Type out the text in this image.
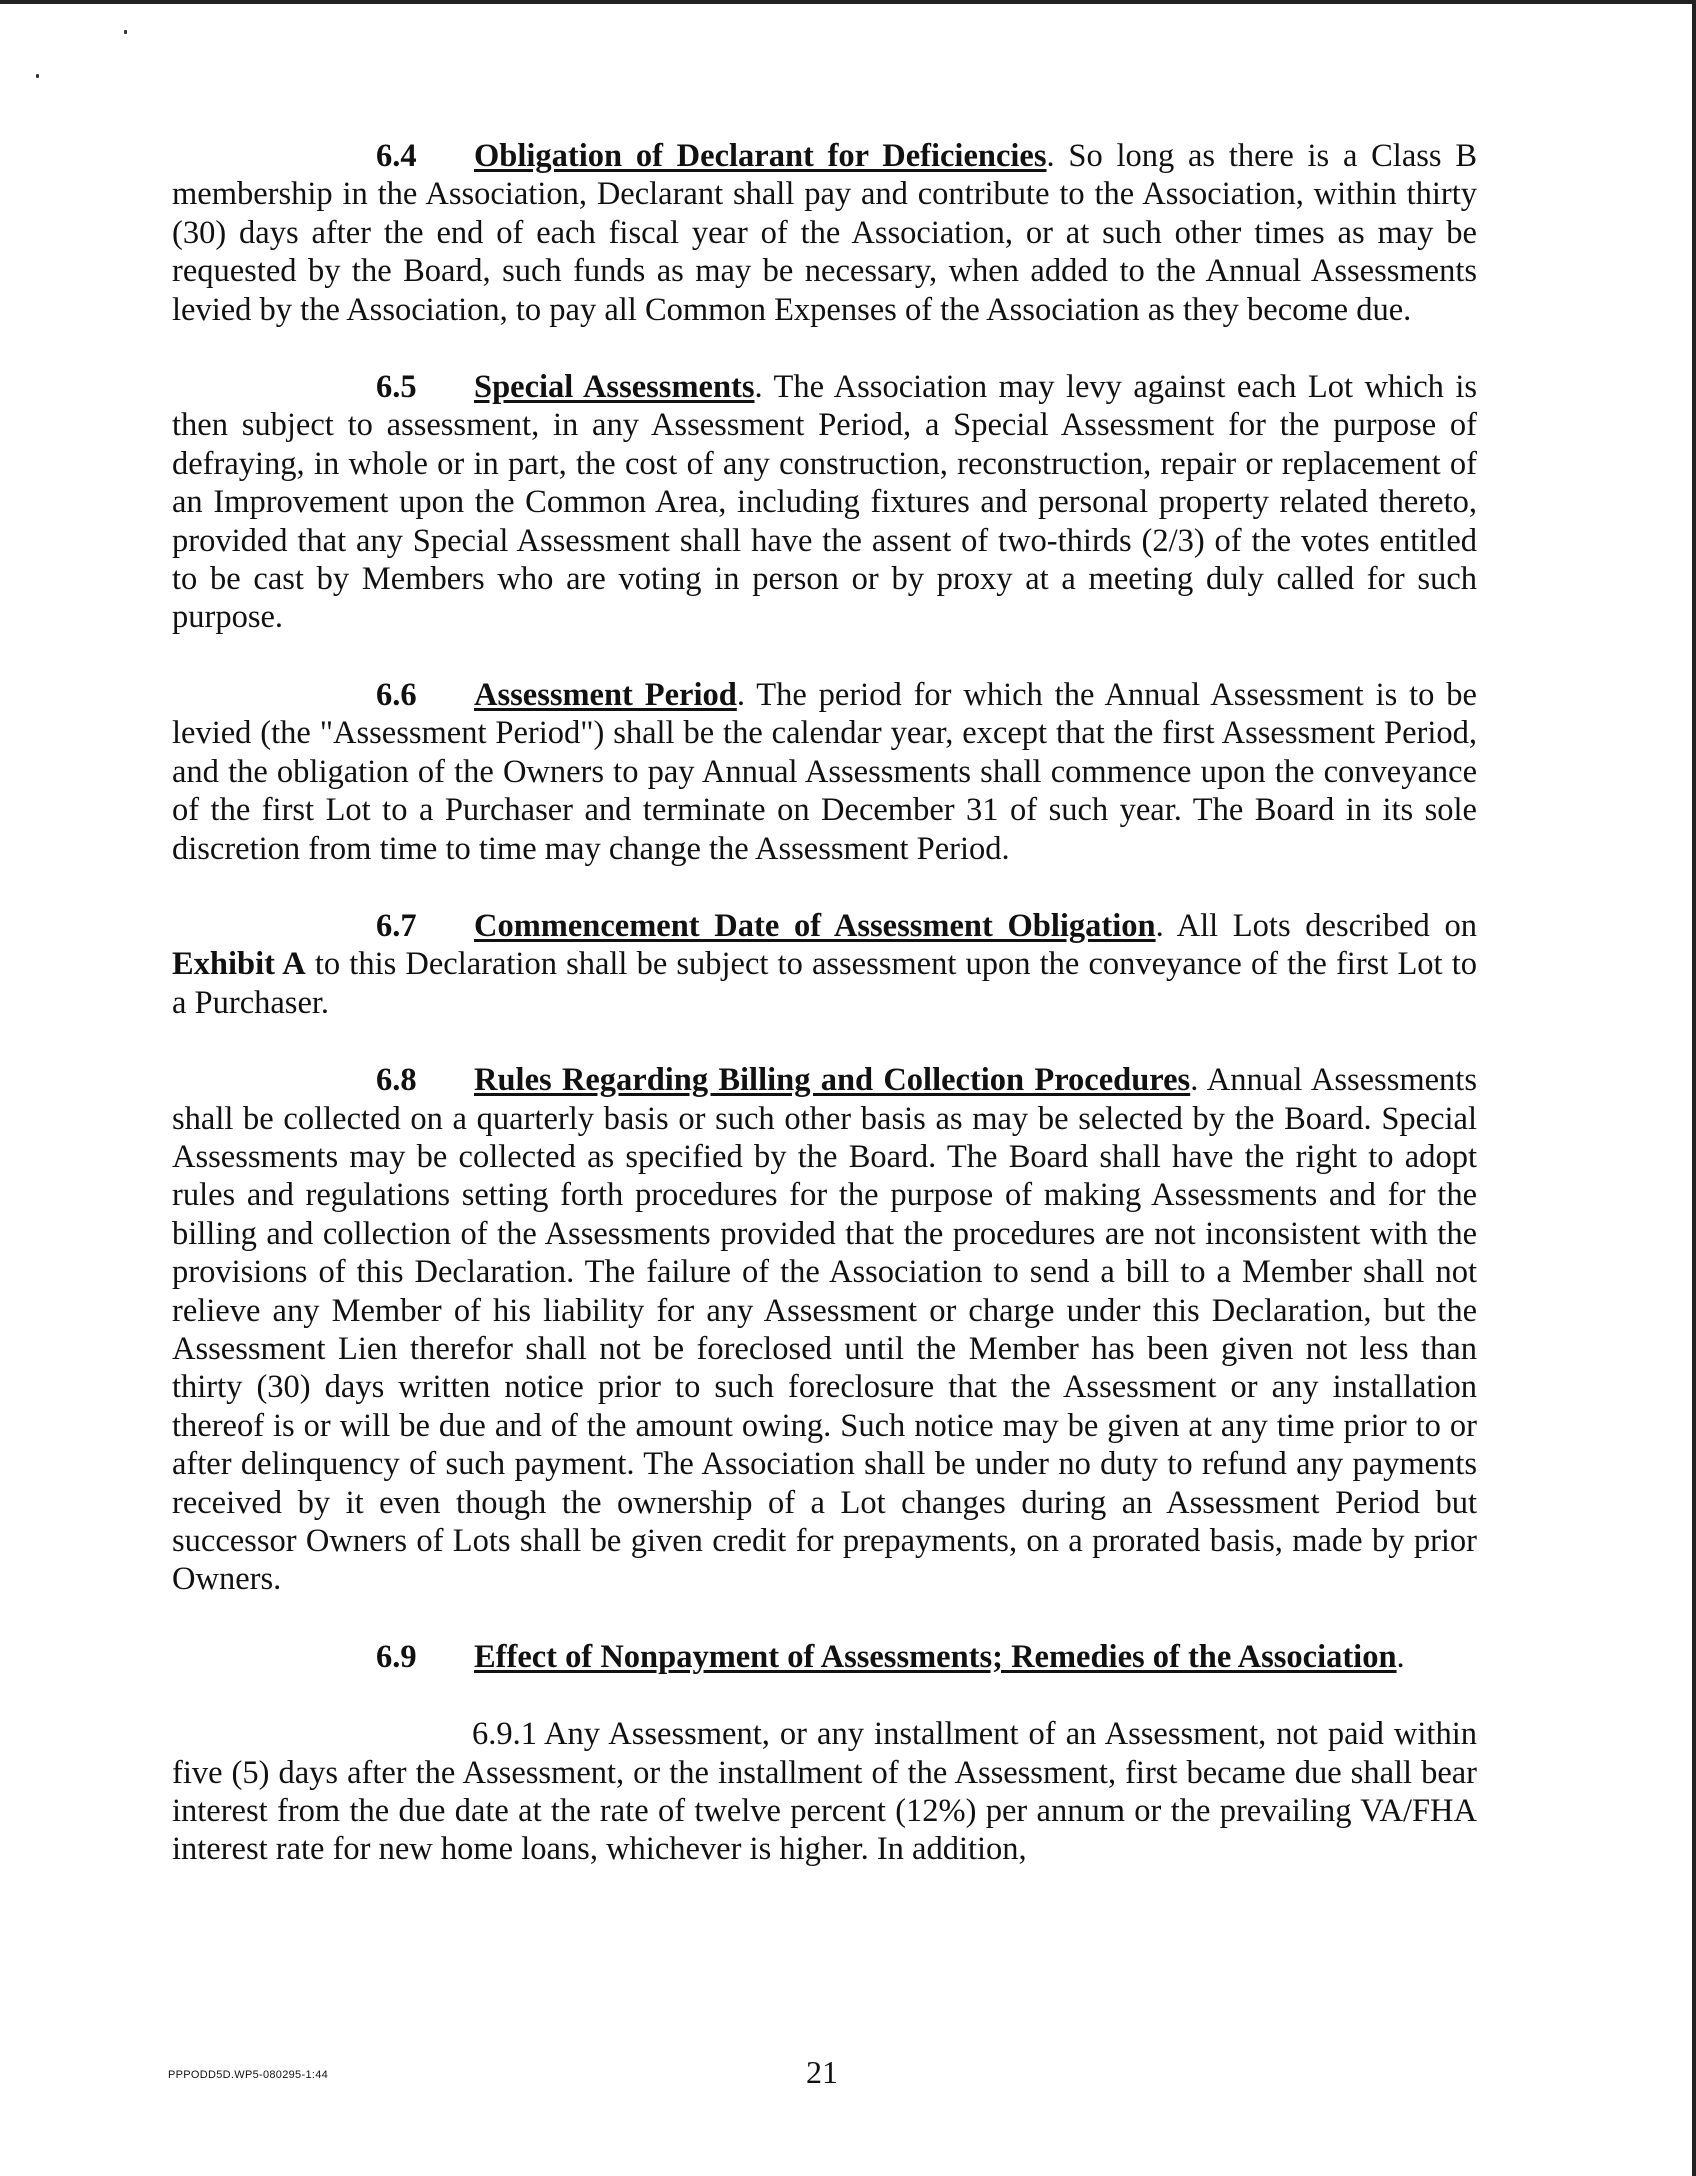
6.4 Obligation of Declarant for Deficiencies. So long as there is a Class B membership in the Association, Declarant shall pay and contribute to the Association, within thirty (30) days after the end of each fiscal year of the Association, or at such other times as may be requested by the Board, such funds as may be necessary, when added to the Annual Assessments levied by the Association, to pay all Common Expenses of the Association as they become due.

6.5 Special Assessments. The Association may levy against each Lot which is then subject to assessment, in any Assessment Period, a Special Assessment for the purpose of defraying, in whole or in part, the cost of any construction, reconstruction, repair or replacement of an Improvement upon the Common Area, including fixtures and personal property related thereto, provided that any Special Assessment shall have the assent of two-thirds (2/3) of the votes entitled to be cast by Members who are voting in person or by proxy at a meeting duly called for such purpose.

6.6 Assessment Period. The period for which the Annual Assessment is to be levied (the "Assessment Period") shall be the calendar year, except that the first Assessment Period, and the obligation of the Owners to pay Annual Assessments shall commence upon the conveyance of the first Lot to a Purchaser and terminate on December 31 of such year. The Board in its sole discretion from time to time may change the Assessment Period.

6.7 Commencement Date of Assessment Obligation. All Lots described on Exhibit A to this Declaration shall be subject to assessment upon the conveyance of the first Lot to a Purchaser.

6.8 Rules Regarding Billing and Collection Procedures. Annual Assessments shall be collected on a quarterly basis or such other basis as may be selected by the Board. Special Assessments may be collected as specified by the Board. The Board shall have the right to adopt rules and regulations setting forth procedures for the purpose of making Assessments and for the billing and collection of the Assessments provided that the procedures are not inconsistent with the provisions of this Declaration. The failure of the Association to send a bill to a Member shall not relieve any Member of his liability for any Assessment or charge under this Declaration, but the Assessment Lien therefor shall not be foreclosed until the Member has been given not less than thirty (30) days written notice prior to such foreclosure that the Assessment or any installation thereof is or will be due and of the amount owing. Such notice may be given at any time prior to or after delinquency of such payment. The Association shall be under no duty to refund any payments received by it even though the ownership of a Lot changes during an Assessment Period but successor Owners of Lots shall be given credit for prepayments, on a prorated basis, made by prior Owners.

6.9 Effect of Nonpayment of Assessments; Remedies of the Association.

6.9.1 Any Assessment, or any installment of an Assessment, not paid within five (5) days after the Assessment, or the installment of the Assessment, first became due shall bear interest from the due date at the rate of twelve percent (12%) per annum or the prevailing VA/FHA interest rate for new home loans, whichever is higher. In addition,

PPPODD5D.WP5-080295-1:44	21
